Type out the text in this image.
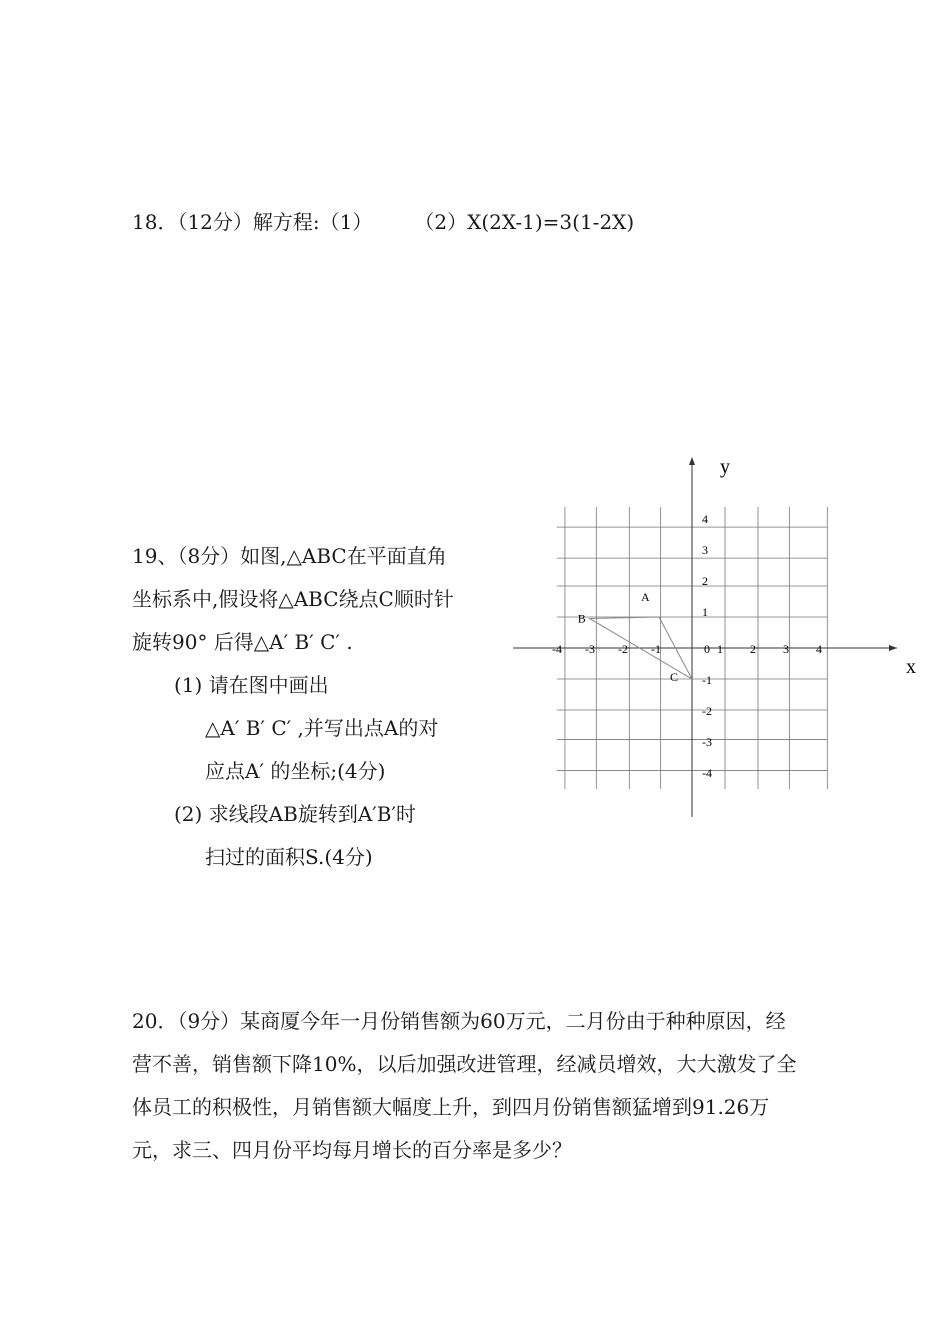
18．（12分）解方程:（1）	（2）X(2X-1)=3(1-2X)
19、（8分）如图,△ABC在平面直角
坐标系中,假设将△ABC绕点C顺时针
旋转90° 后得△A′ B′ C′ .
(1) 请在图中画出
△A′ B′ C′ ,并写出点A的对
应点A′ 的坐标;(4分)
(2) 求线段AB旋转到A′B′时
扫过的面积S.(4分)
-4 -3 -2 -1	1 2 3 4
0
4
3
2
1
-1
-2
-3
-4
A
B
C	x
y
20．（9分）某商厦今年一月份销售额为60万元，二月份由于种种原因，经
营不善，销售额下降10%，以后加强改进管理，经减员增效，大大激发了全
体员工的积极性，月销售额大幅度上升，到四月份销售额猛增到91.26万
元，求三、四月份平均每月增长的百分率是多少？
